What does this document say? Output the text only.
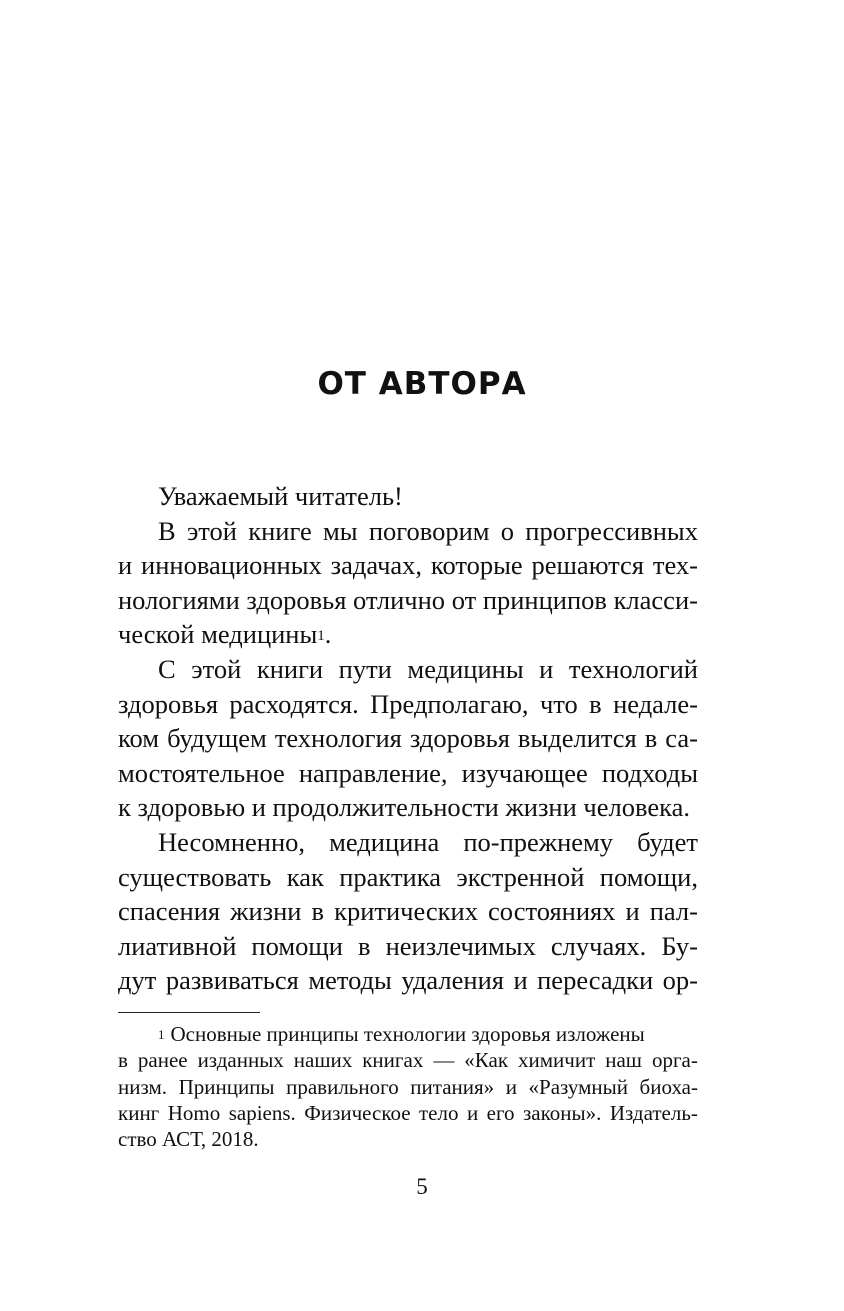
ОТ АВТОРА
Уважаемый читатель!
В этой книге мы поговорим о прогрессивных
и инновационных задачах, которые решаются тех-
нологиями здоровья отлично от принципов класси-
ческой медицины$^1$.
С этой книги пути медицины и технологий
здоровья расходятся. Предполагаю, что в недале-
ком будущем технология здоровья выделится в са-
мостоятельное направление, изучающее подходы
к здоровью и продолжительности жизни человека.
Несомненно, медицина по-прежнему будет
существовать как практика экстренной помощи,
спасения жизни в критических состояниях и пал-
лиативной помощи в неизлечимых случаях. Бу-
дут развиваться методы удаления и пересадки ор-
$^1$ Основные принципы технологии здоровья изложены
в ранее изданных наших книгах — «Как химичит наш орга-
низм. Принципы правильного питания» и «Разумный биоха-
кинг Homo sapiens. Физическое тело и его законы». Издатель-
ство АСТ, 2018.
5
